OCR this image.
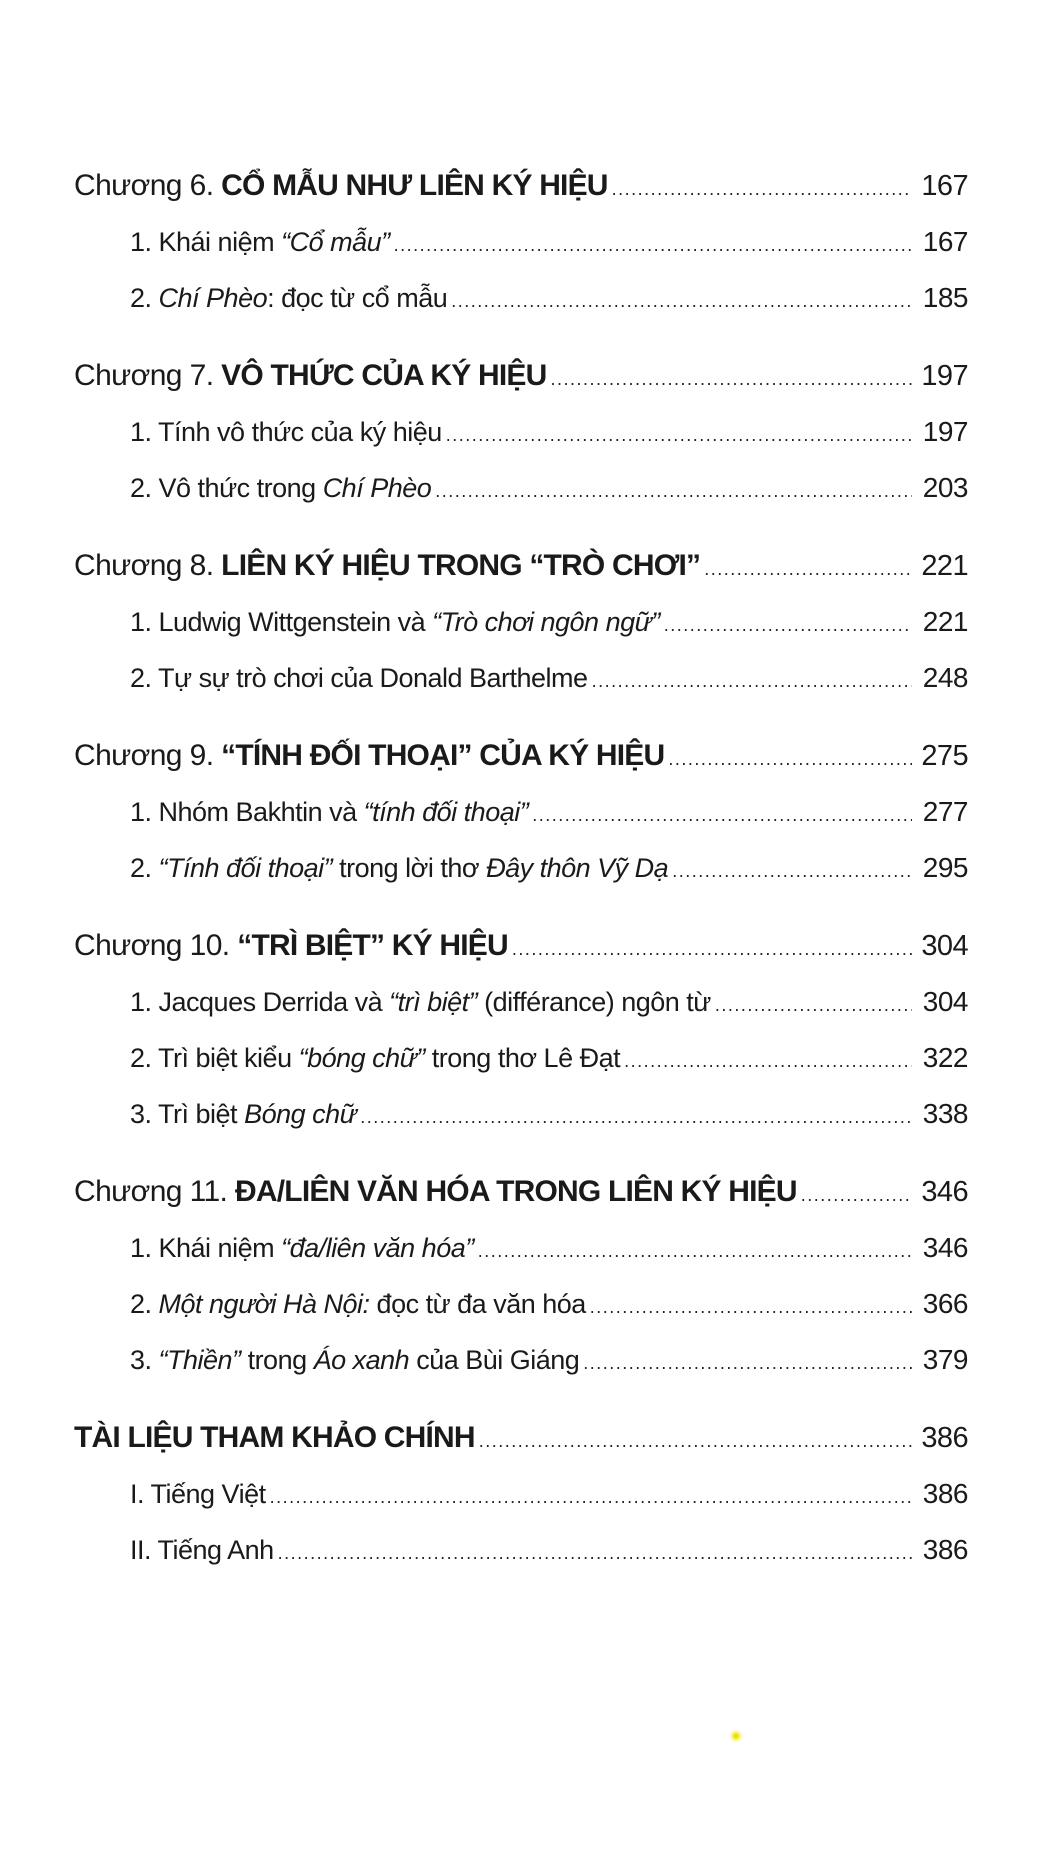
Chương 6. CỔ MẪU NHƯ LIÊN KÝ HIỆU .....	167
1. Khái niệm “Cổ mẫu” .....	167
2. Chí Phèo: đọc từ cổ mẫu .....	185
Chương 7. VÔ THỨC CỦA KÝ HIỆU .....	197
1. Tính vô thức của ký hiệu .....	197
2. Vô thức trong Chí Phèo .....	203
Chương 8. LIÊN KÝ HIỆU TRONG “TRÒ CHƠI” .....	221
1. Ludwig Wittgenstein và “Trò chơi ngôn ngữ” .....	221
2. Tự sự trò chơi của Donald Barthelme .....	248
Chương 9. “TÍNH ĐỐI THOẠI” CỦA KÝ HIỆU .....	275
1. Nhóm Bakhtin và “tính đối thoại” .....	277
2. “Tính đối thoại” trong lời thơ Đây thôn Vỹ Dạ .....	295
Chương 10. “TRÌ BIỆT” KÝ HIỆU .....	304
1. Jacques Derrida và “trì biệt” (différance) ngôn từ .....	304
2. Trì biệt kiểu “bóng chữ” trong thơ Lê Đạt .....	322
3. Trì biệt Bóng chữ .....	338
Chương 11. ĐA/LIÊN VĂN HÓA TRONG LIÊN KÝ HIỆU .....	346
1. Khái niệm “đa/liên văn hóa” .....	346
2. Một người Hà Nội: đọc từ đa văn hóa .....	366
3. “Thiền” trong Áo xanh của Bùi Giáng .....	379
TÀI LIỆU THAM KHẢO CHÍNH .....	386
I. Tiếng Việt .....	386
II. Tiếng Anh .....	386
